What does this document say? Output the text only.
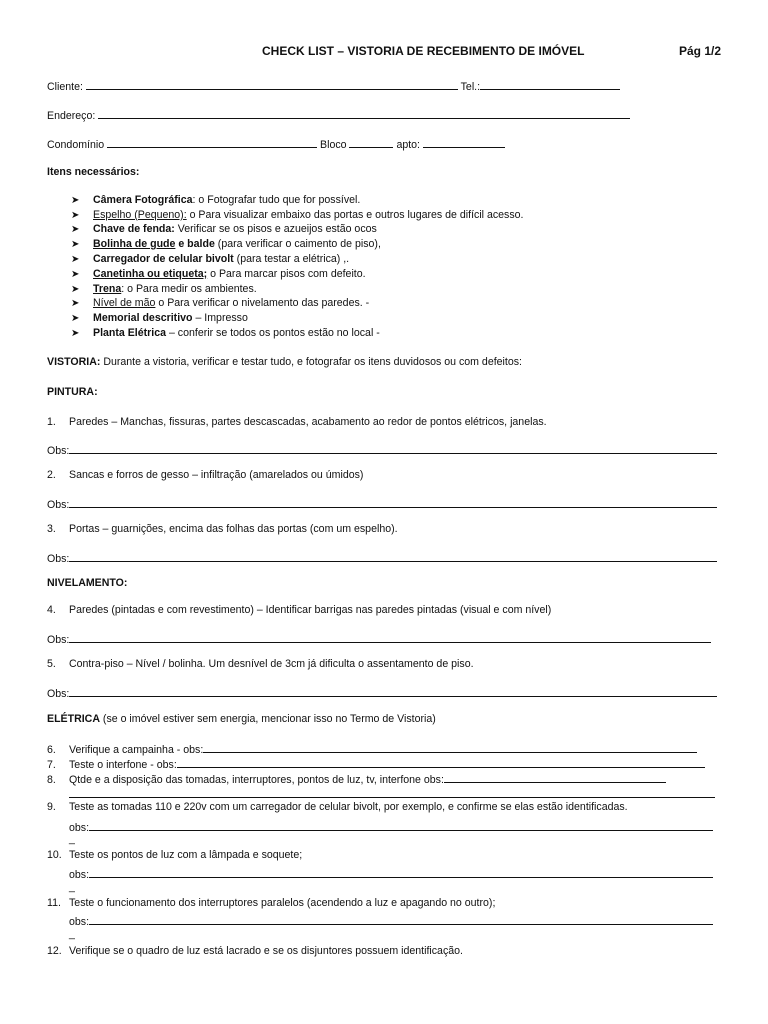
CHECK LIST – VISTORIA DE RECEBIMENTO DE IMÓVEL	Pág 1/2
Cliente:	Tel.:
Endereço:
Condomínio	Bloco	apto:
Itens necessários:
➤ Câmera Fotográfica: o Fotografar tudo que for possível.
➤ Espelho (Pequeno): o Para visualizar embaixo das portas e outros lugares de difícil acesso.
➤ Chave de fenda: Verificar se os pisos e azueijos estão ocos
➤ Bolinha de gude e balde (para verificar o caimento de piso),
➤ Carregador de celular bivolt (para testar a elétrica) ,.
➤ Canetinha ou etiqueta; o Para marcar pisos com defeito.
➤ Trena: o Para medir os ambientes.
➤ Nível de mão o Para verificar o nivelamento das paredes. -
➤ Memorial descritivo – Impresso
➤ Planta Elétrica – conferir se todos os pontos estão no local -
VISTORIA: Durante a vistoria, verificar e testar tudo, e fotografar os itens duvidosos ou com defeitos:
PINTURA:
1. Paredes – Manchas, fissuras, partes descascadas, acabamento ao redor de pontos elétricos, janelas.
Obs:
2. Sancas e forros de gesso – infiltração (amarelados ou úmidos)
Obs:
3. Portas – guarnições, encima das folhas das portas (com um espelho).
Obs:
NIVELAMENTO:
4. Paredes (pintadas e com revestimento) – Identificar barrigas nas paredes pintadas (visual e com nível)
Obs:
5. Contra-piso – Nível / bolinha. Um desnível de 3cm já dificulta o assentamento de piso.
Obs:
ELÉTRICA (se o imóvel estiver sem energia, mencionar isso no Termo de Vistoria)
6. Verifique a campainha - obs:
7. Teste o interfone - obs:
8. Qtde e a disposição das tomadas, interruptores, pontos de luz, tv, interfone obs:
9. Teste as tomadas 110 e 220v com um carregador de celular bivolt, por exemplo, e confirme se elas estão identificadas.
obs:
_
10. Teste os pontos de luz com a lâmpada e soquete;
obs:
_
11. Teste o funcionamento dos interruptores paralelos (acendendo a luz e apagando no outro);
obs:
_
12. Verifique se o quadro de luz está lacrado e se os disjuntores possuem identificação.
